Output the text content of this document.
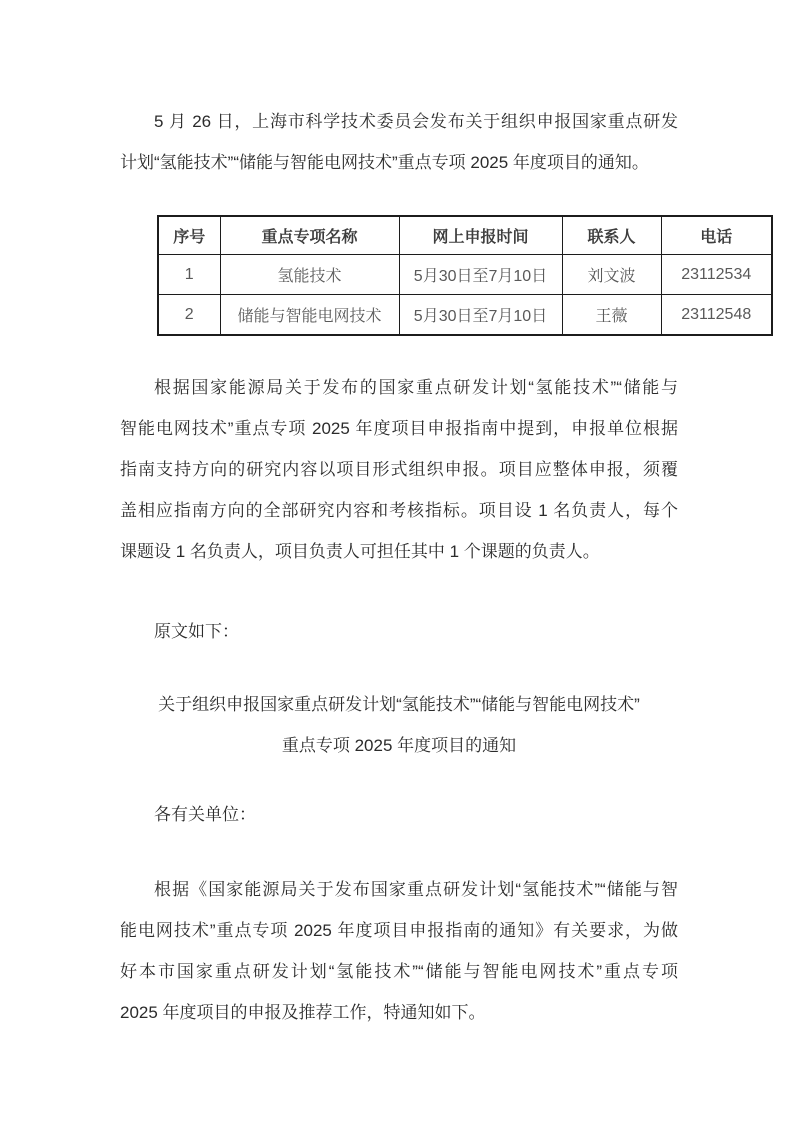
5 月 26 日，上海市科学技术委员会发布关于组织申报国家重点研发
计划“氢能技术”“储能与智能电网技术”重点专项 2025 年度项目的通知。
序号	重点专项名称	网上申报时间	联系人	电话
1	氢能技术	5月30日至7月10日	刘文波	23112534
2	储能与智能电网技术	5月30日至7月10日	王薇	23112548
根据国家能源局关于发布的国家重点研发计划“氢能技术”“储能与
智能电网技术”重点专项 2025 年度项目申报指南中提到，申报单位根据
指南支持方向的研究内容以项目形式组织申报。项目应整体申报，须覆
盖相应指南方向的全部研究内容和考核指标。项目设 1 名负责人，每个
课题设 1 名负责人，项目负责人可担任其中 1 个课题的负责人。
原文如下：
关于组织申报国家重点研发计划“氢能技术”“储能与智能电网技术”
重点专项 2025 年度项目的通知
各有关单位：
根据《国家能源局关于发布国家重点研发计划“氢能技术”“储能与智
能电网技术”重点专项 2025 年度项目申报指南的通知》有关要求，为做
好本市国家重点研发计划“氢能技术”“储能与智能电网技术”重点专项
2025 年度项目的申报及推荐工作，特通知如下。
